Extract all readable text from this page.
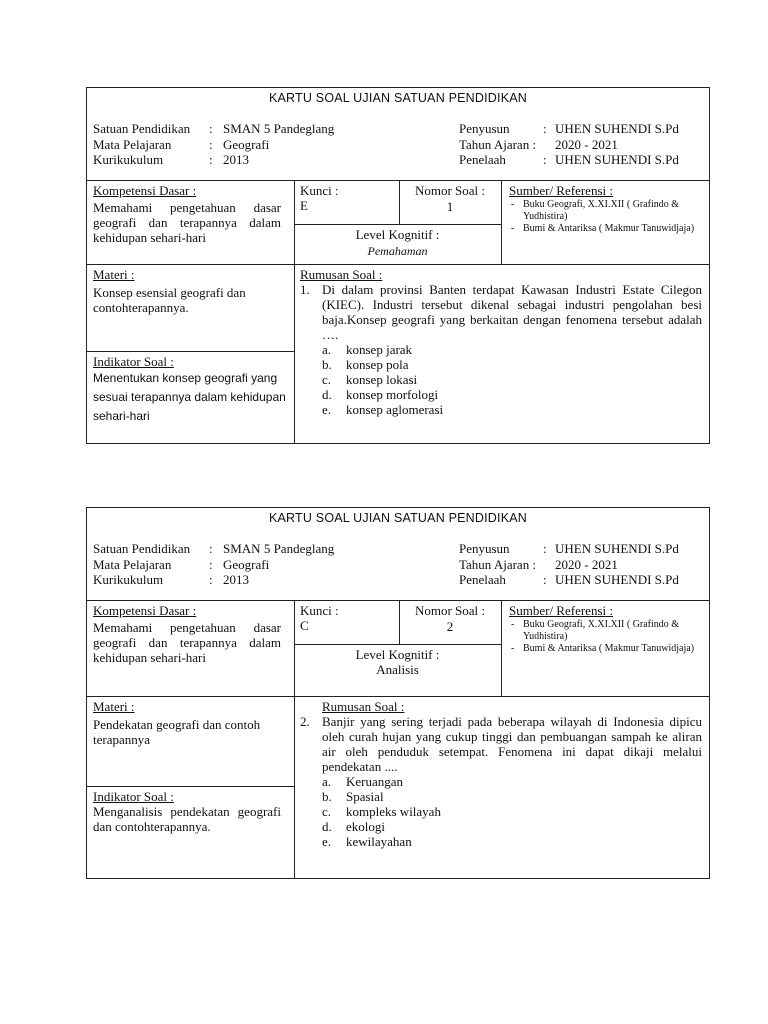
KARTU SOAL UJIAN SATUAN PENDIDIKAN
Satuan Pendidikan	: SMAN 5 Pandeglang
Mata Pelajaran	: Geografi
Kurikukulum	: 2013
Penyusun	: UHEN SUHENDI S.Pd
Tahun Ajaran :	2020 - 2021
Penelaah	: UHEN SUHENDI S.Pd
Kompetensi Dasar :
Memahami pengetahuan dasar geografi dan terapannya dalam kehidupan sehari-hari
Kunci :
E
Nomor Soal :
1
Level Kognitif :
Pemahaman
Sumber/ Referensi :
- Buku Geografi, X.XI.XII ( Grafindo & Yudhistira)
- Bumi & Antariksa ( Makmur Tanuwidjaja)
Materi :
Konsep esensial geografi dan contohterapannya.
Indikator Soal :
Menentukan konsep geografi yang sesuai terapannya dalam kehidupan sehari-hari
Rumusan Soal :
1. Di dalam provinsi Banten terdapat Kawasan Industri Estate Cilegon (KIEC). Industri tersebut dikenal sebagai industri pengolahan besi baja.Konsep geografi yang berkaitan dengan fenomena tersebut adalah ….
a.	konsep jarak
b.	konsep pola
c.	konsep lokasi
d.	konsep morfologi
e.	konsep aglomerasi
KARTU SOAL UJIAN SATUAN PENDIDIKAN
Satuan Pendidikan	: SMAN 5 Pandeglang
Mata Pelajaran	: Geografi
Kurikukulum	: 2013
Penyusun	: UHEN SUHENDI S.Pd
Tahun Ajaran :	2020 - 2021
Penelaah	: UHEN SUHENDI S.Pd
Kompetensi Dasar :
Memahami pengetahuan dasar geografi dan terapannya dalam kehidupan sehari-hari
Kunci :
C
Nomor Soal :
2
Level Kognitif :
Analisis
Sumber/ Referensi :
- Buku Geografi, X.XI.XII ( Grafindo & Yudhistira)
- Bumi & Antariksa ( Makmur Tanuwidjaja)
Materi :
Pendekatan geografi dan contoh terapannya
Indikator Soal :
Menganalisis pendekatan geografi dan contohterapannya.
Rumusan Soal :
2. Banjir yang sering terjadi pada beberapa wilayah di Indonesia dipicu oleh curah hujan yang cukup tinggi dan pembuangan sampah ke aliran air oleh penduduk setempat. Fenomena ini dapat dikaji melalui pendekatan ....
a.	Keruangan
b.	Spasial
c.	kompleks wilayah
d.	ekologi
e.	kewilayahan
